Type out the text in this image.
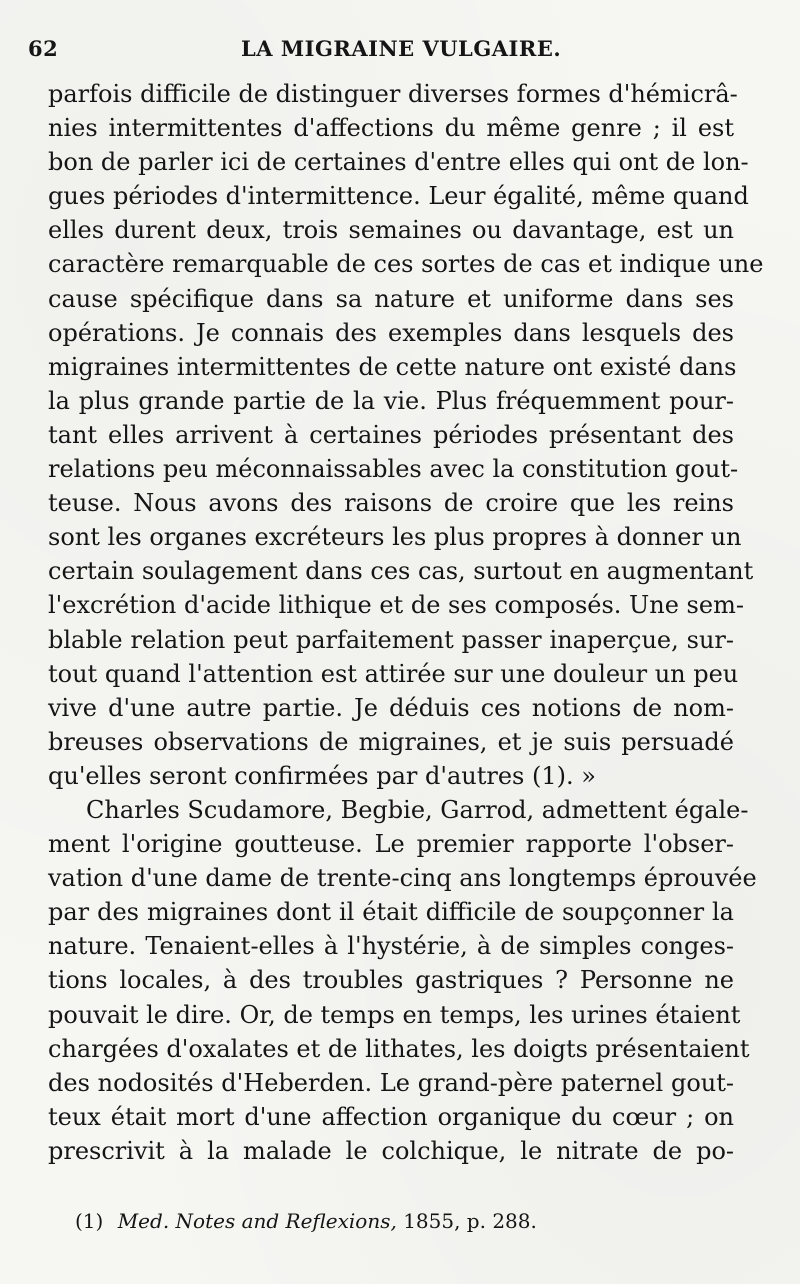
62	LA MIGRAINE VULGAIRE.
parfois difficile de distinguer diverses formes d'hémicrâ-
nies intermittentes d'affections du même genre ; il est
bon de parler ici de certaines d'entre elles qui ont de lon-
gues périodes d'intermittence. Leur égalité, même quand
elles durent deux, trois semaines ou davantage, est un
caractère remarquable de ces sortes de cas et indique une
cause spécifique dans sa nature et uniforme dans ses
opérations. Je connais des exemples dans lesquels des
migraines intermittentes de cette nature ont existé dans
la plus grande partie de la vie. Plus fréquemment pour-
tant elles arrivent à certaines périodes présentant des
relations peu méconnaissables avec la constitution gout-
teuse. Nous avons des raisons de croire que les reins
sont les organes excréteurs les plus propres à donner un
certain soulagement dans ces cas, surtout en augmentant
l'excrétion d'acide lithique et de ses composés. Une sem-
blable relation peut parfaitement passer inaperçue, sur-
tout quand l'attention est attirée sur une douleur un peu
vive d'une autre partie. Je déduis ces notions de nom-
breuses observations de migraines, et je suis persuadé
qu'elles seront confirmées par d'autres (1). »
Charles Scudamore, Begbie, Garrod, admettent égale-
ment l'origine goutteuse. Le premier rapporte l'obser-
vation d'une dame de trente-cinq ans longtemps éprouvée
par des migraines dont il était difficile de soupçonner la
nature. Tenaient-elles à l'hystérie, à de simples conges-
tions locales, à des troubles gastriques ? Personne ne
pouvait le dire. Or, de temps en temps, les urines étaient
chargées d'oxalates et de lithates, les doigts présentaient
des nodosités d'Heberden. Le grand-père paternel gout-
teux était mort d'une affection organique du cœur ; on
prescrivit à la malade le colchique, le nitrate de po-
(1) Med. Notes and Reflexions, 1855, p. 288.
